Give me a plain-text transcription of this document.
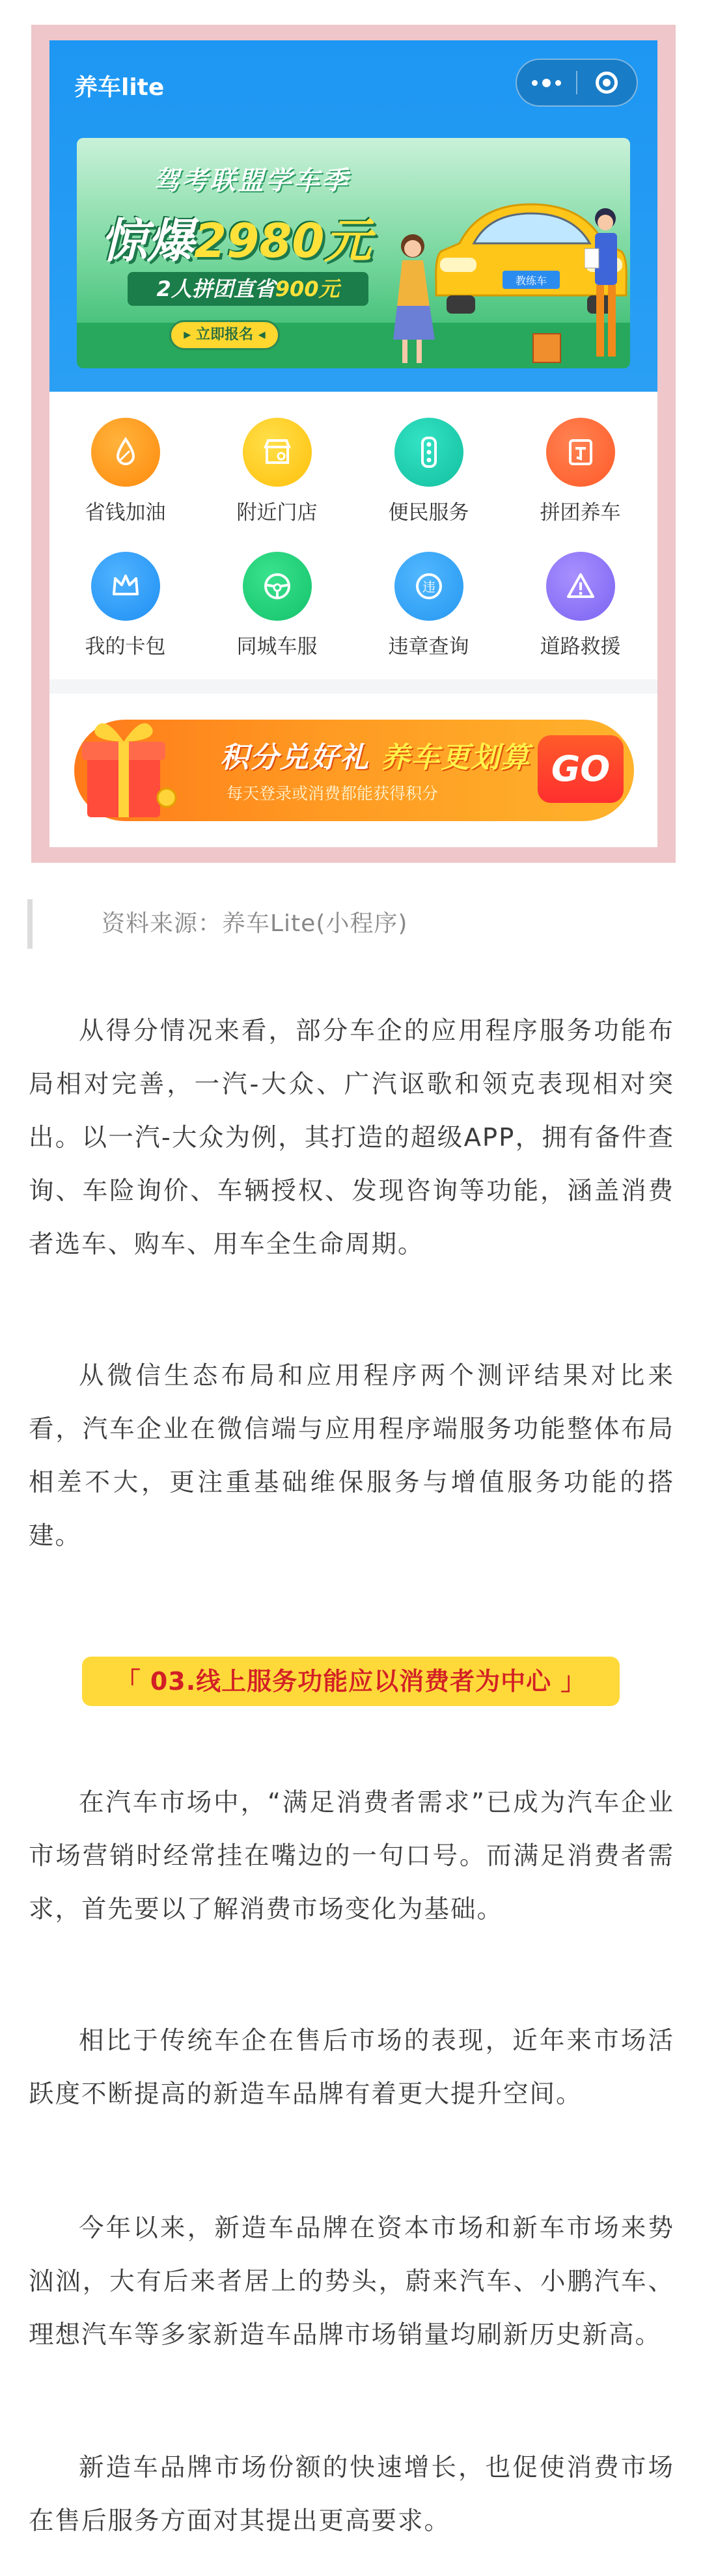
养车lite
驾考联盟学车季
惊爆2980元
2人拼团直省900元
▸ 立即报名 ◂
教练车
省钱加油	附近门店	便民服务	拼团养车
我的卡包	同城车服
违
违章查询	道路救援
积分兑好礼 养车更划算
每天登录或消费都能获得积分
GO
资料来源：养车Lite(小程序)

从得分情况来看，部分车企的应用程序服务功能布局相对完善，一汽-大众、广汽讴歌和领克表现相对突出。以一汽-大众为例，其打造的超级APP，拥有备件查询、车险询价、车辆授权、发现咨询等功能，涵盖消费者选车、购车、用车全生命周期。

从微信生态布局和应用程序两个测评结果对比来看，汽车企业在微信端与应用程序端服务功能整体布局相差不大，更注重基础维保服务与增值服务功能的搭建。

「 03.线上服务功能应以消费者为中心 」

在汽车市场中，“满足消费者需求”已成为汽车企业市场营销时经常挂在嘴边的一句口号。而满足消费者需求，首先要以了解消费市场变化为基础。

相比于传统车企在售后市场的表现，近年来市场活跃度不断提高的新造车品牌有着更大提升空间。

今年以来，新造车品牌在资本市场和新车市场来势汹汹，大有后来者居上的势头，蔚来汽车、小鹏汽车、理想汽车等多家新造车品牌市场销量均刷新历史新高。

新造车品牌市场份额的快速增长，也促使消费市场在售后服务方面对其提出更高要求。
